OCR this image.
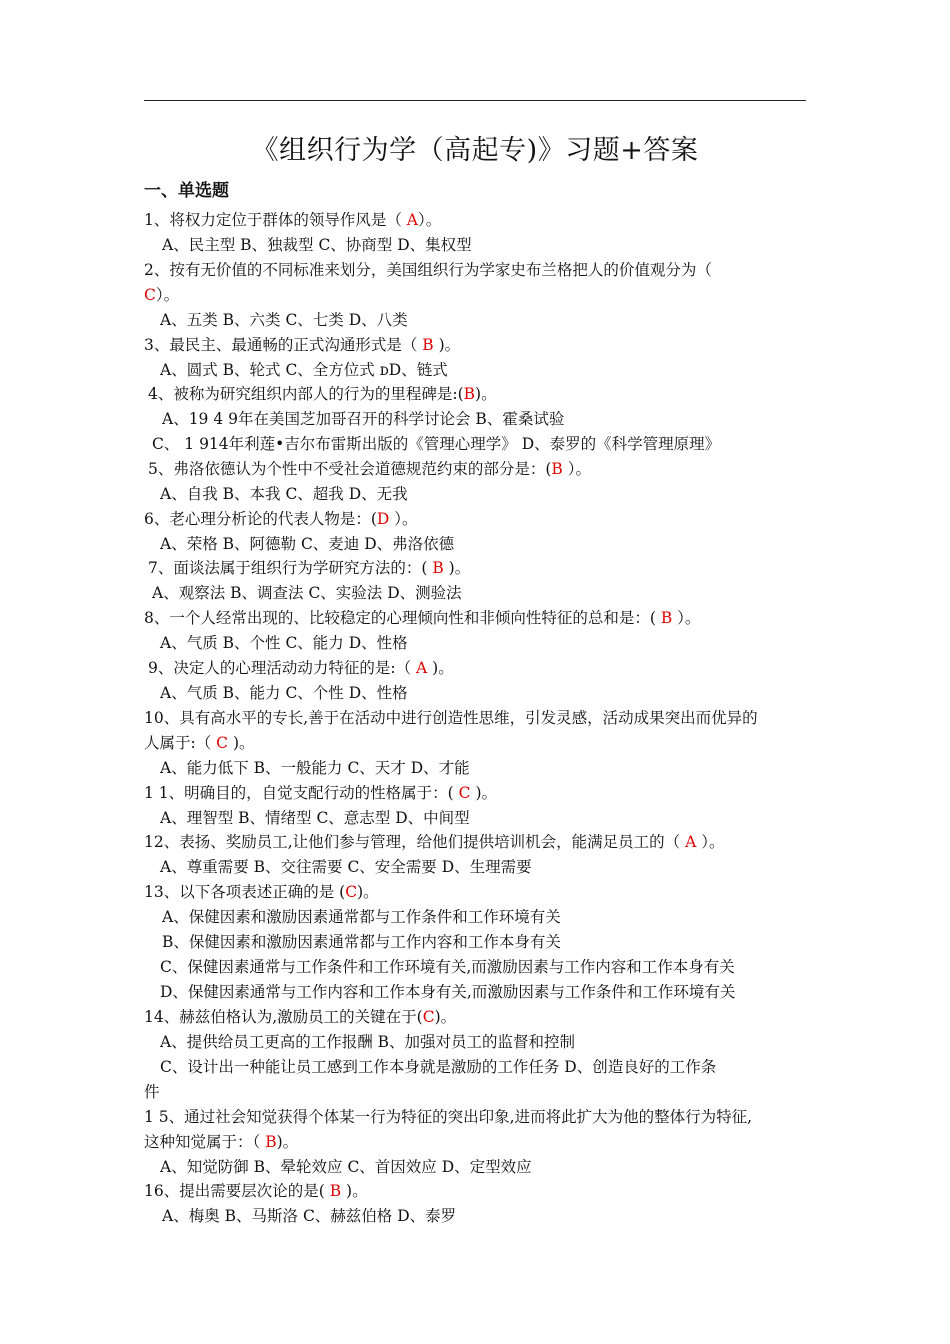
《组织行为学（高起专)》习题+答案
一、单选题
1、将权力定位于群体的领导作风是（ A）。
A、民主型 B、独裁型 C、协商型 D、集权型
2、按有无价值的不同标准来划分，美国组织行为学家史布兰格把人的价值观分为（
C）。
A、五类 B、六类 C、七类 D、八类
3、最民主、最通畅的正式沟通形式是（ B )。
A、圆式 B、轮式 C、全方位式 ᴅD、链式
4、被称为研究组织内部人的行为的里程碑是:(B)。
A、19 4 9年在美国芝加哥召开的科学讨论会 B、霍桑试验
C、 1 914年利莲•吉尔布雷斯出版的《管理心理学》 D、泰罗的《科学管理原理》
5、弗洛依德认为个性中不受社会道德规范约束的部分是：(B ）。
A、自我 B、本我 C、超我 D、无我
6、老心理分析论的代表人物是：(D ）。
A、荣格 B、阿德勒 C、麦迪 D、弗洛依德
7、面谈法属于组织行为学研究方法的：( B )。
A、观察法 B、调查法 C、实验法 D、测验法
8、一个人经常出现的、比较稳定的心理倾向性和非倾向性特征的总和是：( B ）。
A、气质 B、个性 C、能力 D、性格
9、决定人的心理活动动力特征的是:（ A )。
A、气质 B、能力 C、个性 D、性格
10、具有高水平的专长,善于在活动中进行创造性思维，引发灵感，活动成果突出而优异的
人属于:（ C )。
A、能力低下 B、一般能力 C、天才 D、才能
1 1、明确目的，自觉支配行动的性格属于：( C )。
A、理智型 B、情绪型 C、意志型 D、中间型
12、表扬、奖励员工,让他们参与管理，给他们提供培训机会，能满足员工的（ A ）。
A、尊重需要 B、交往需要 C、安全需要 D、生理需要
13、以下各项表述正确的是 (C)。
A、保健因素和激励因素通常都与工作条件和工作环境有关
B、保健因素和激励因素通常都与工作内容和工作本身有关
C、保健因素通常与工作条件和工作环境有关,而激励因素与工作内容和工作本身有关
D、保健因素通常与工作内容和工作本身有关,而激励因素与工作条件和工作环境有关
14、赫兹伯格认为,激励员工的关键在于(C)。
A、提供给员工更高的工作报酬 B、加强对员工的监督和控制
C、设计出一种能让员工感到工作本身就是激励的工作任务 D、创造良好的工作条
件
1 5、通过社会知觉获得个体某一行为特征的突出印象,进而将此扩大为他的整体行为特征,
这种知觉属于：（ B)。
A、知觉防御 B、晕轮效应 C、首因效应 D、定型效应
16、提出需要层次论的是( B )。
A、梅奥 B、马斯洛 C、赫兹伯格 D、泰罗
